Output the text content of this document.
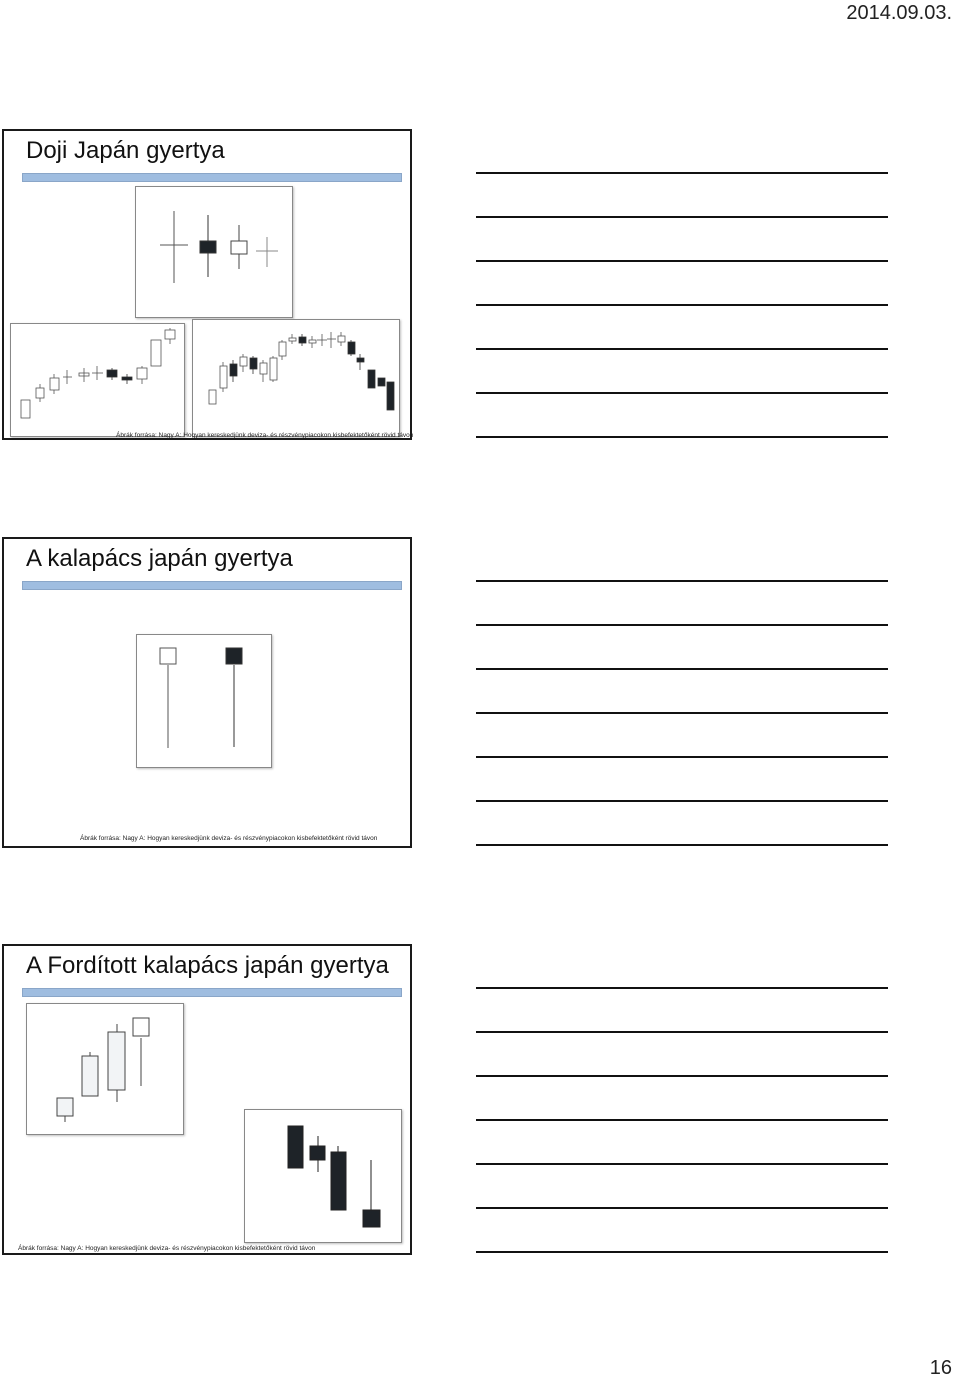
2014.09.03.
Doji Japán gyertya
Ábrák forrása: Nagy A: Hogyan kereskedjünk deviza- és részvénypiacokon kisbefektetőként rövid távon
A kalapács japán gyertya
Ábrák forrása: Nagy A: Hogyan kereskedjünk deviza- és részvénypiacokon kisbefektetőként rövid távon
A Fordított kalapács japán gyertya
Ábrák forrása: Nagy A: Hogyan kereskedjünk deviza- és részvénypiacokon kisbefektetőként rövid távon
16
